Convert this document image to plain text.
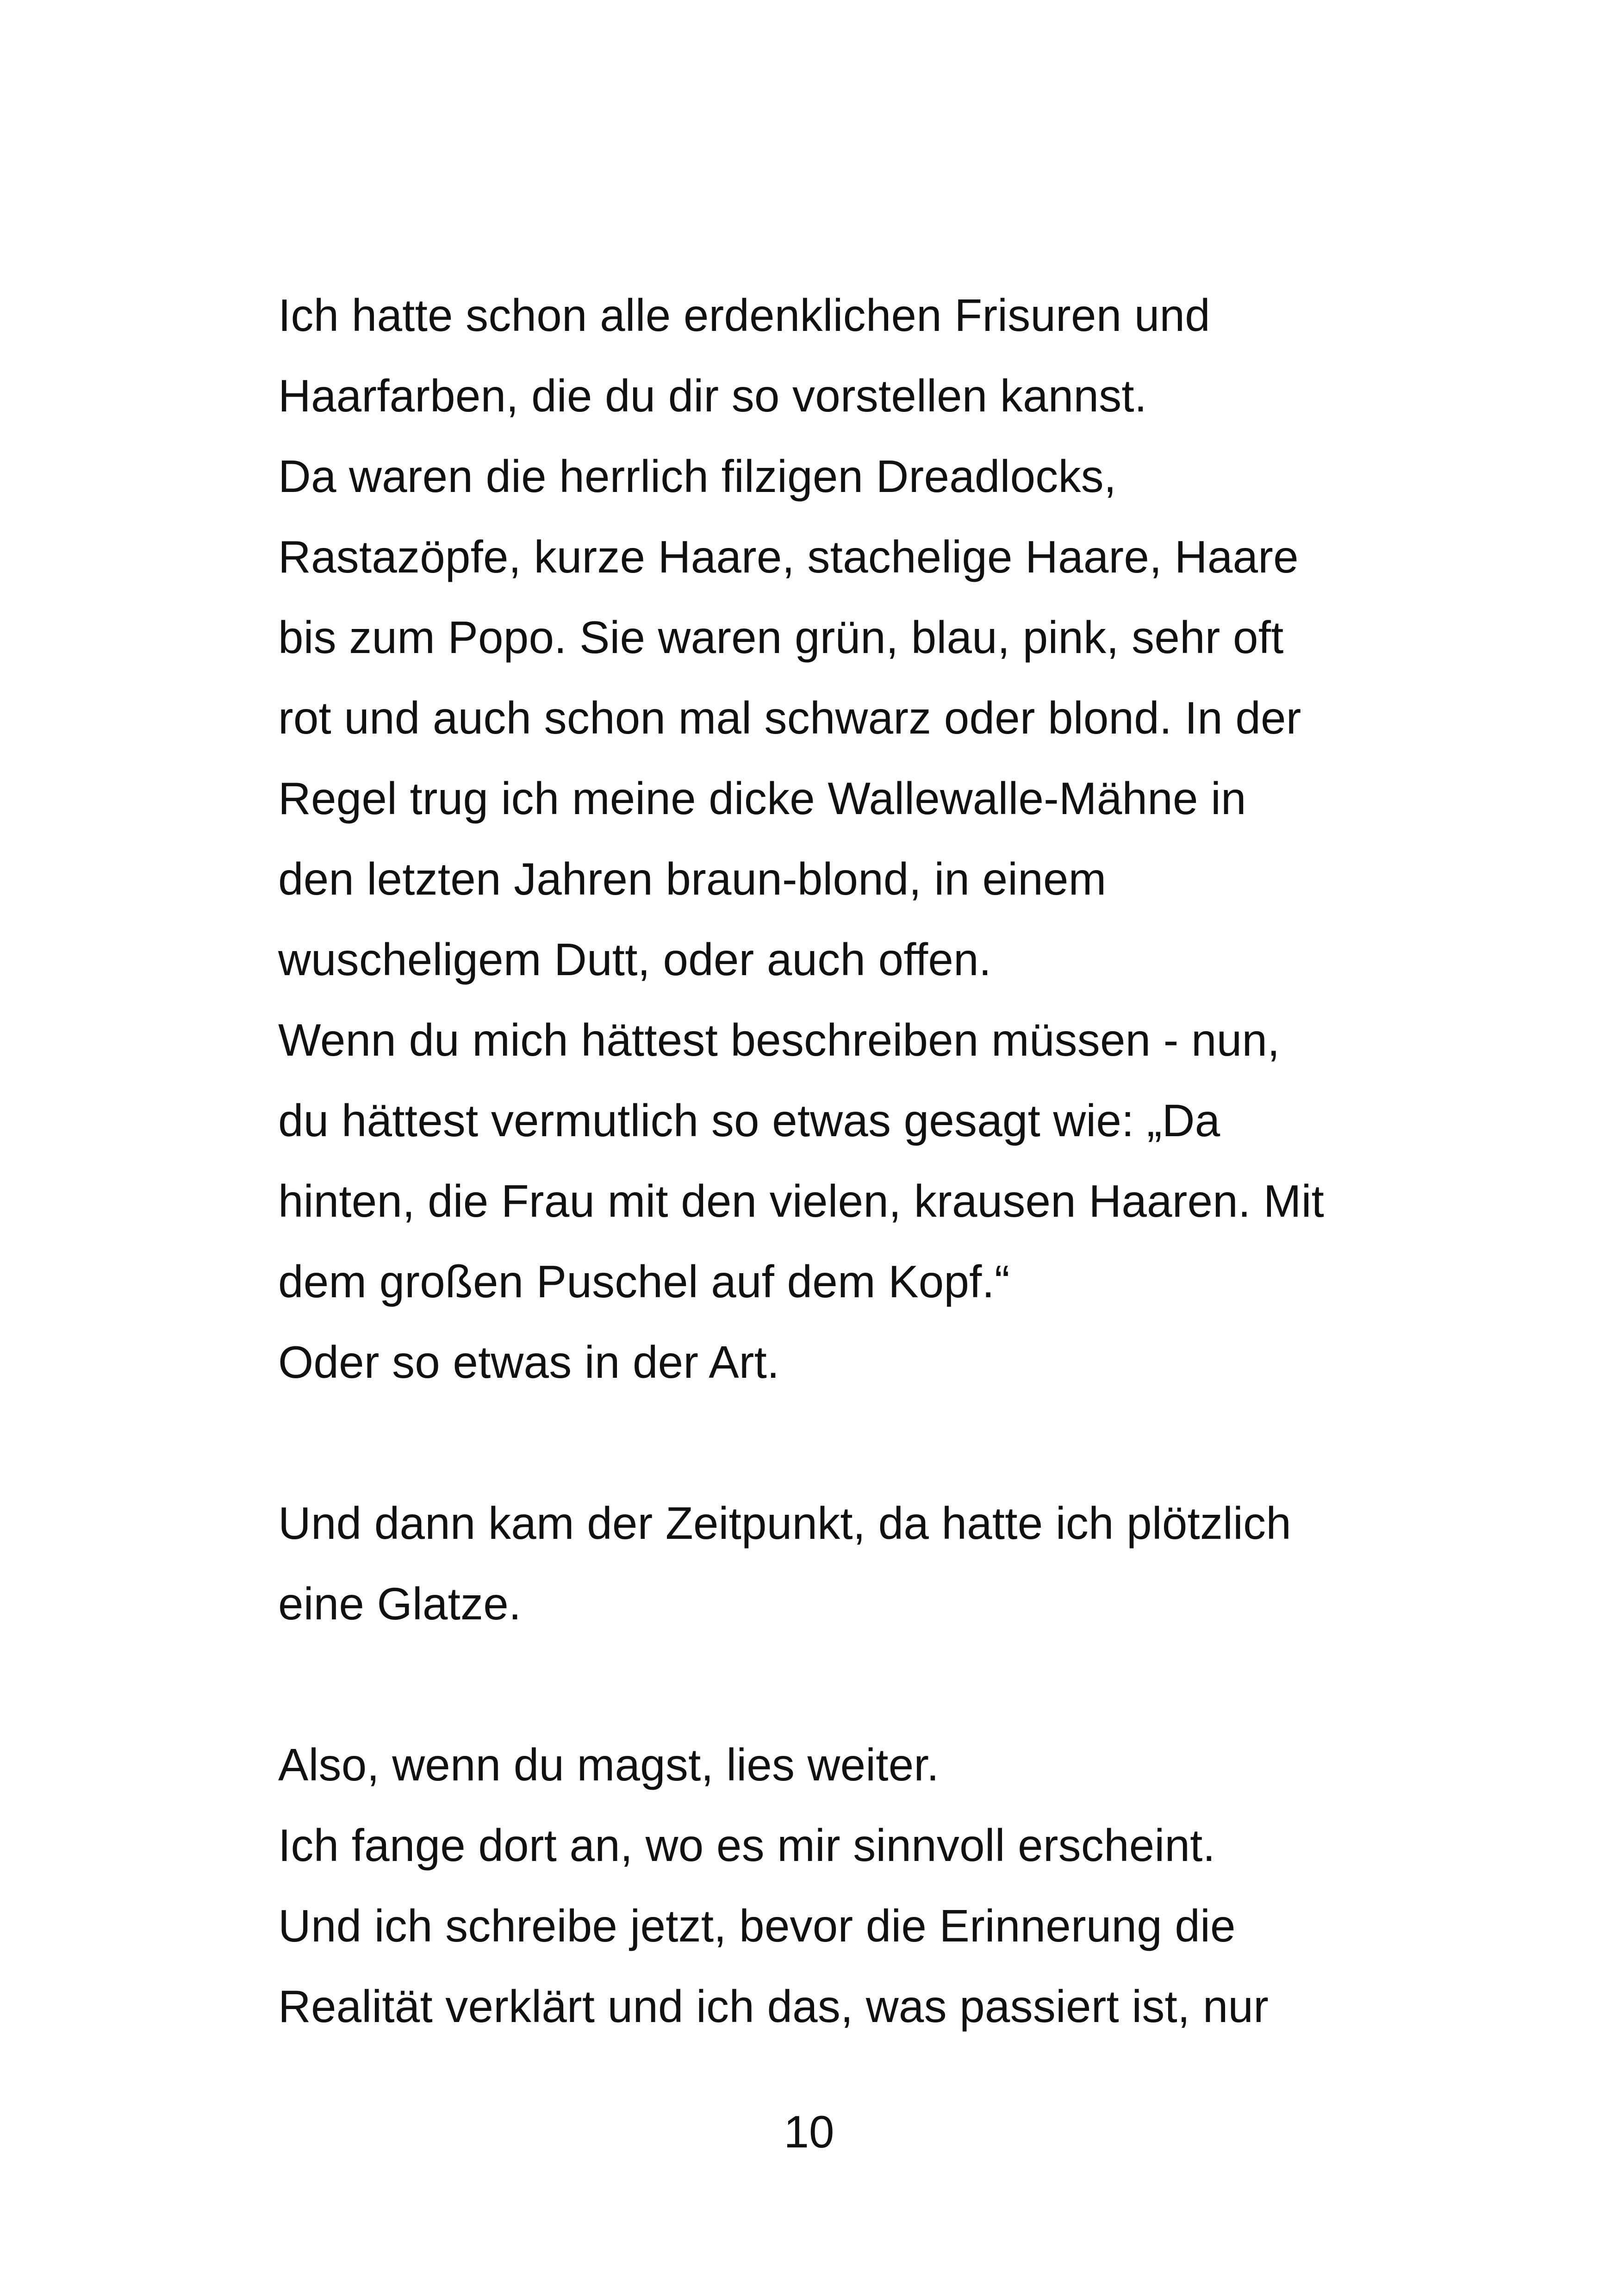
Ich hatte schon alle erdenklichen Frisuren und
Haarfarben, die du dir so vorstellen kannst.
Da waren die herrlich filzigen Dreadlocks,
Rastazöpfe, kurze Haare, stachelige Haare, Haare
bis zum Popo. Sie waren grün, blau, pink, sehr oft
rot und auch schon mal schwarz oder blond. In der
Regel trug ich meine dicke Wallewalle-Mähne in
den letzten Jahren braun-blond, in einem
wuscheligem Dutt, oder auch offen.
Wenn du mich hättest beschreiben müssen - nun,
du hättest vermutlich so etwas gesagt wie: „Da
hinten, die Frau mit den vielen, krausen Haaren. Mit
dem großen Puschel auf dem Kopf.“
Oder so etwas in der Art.
Und dann kam der Zeitpunkt, da hatte ich plötzlich
eine Glatze.
Also, wenn du magst, lies weiter.
Ich fange dort an, wo es mir sinnvoll erscheint.
Und ich schreibe jetzt, bevor die Erinnerung die
Realität verklärt und ich das, was passiert ist, nur
10
